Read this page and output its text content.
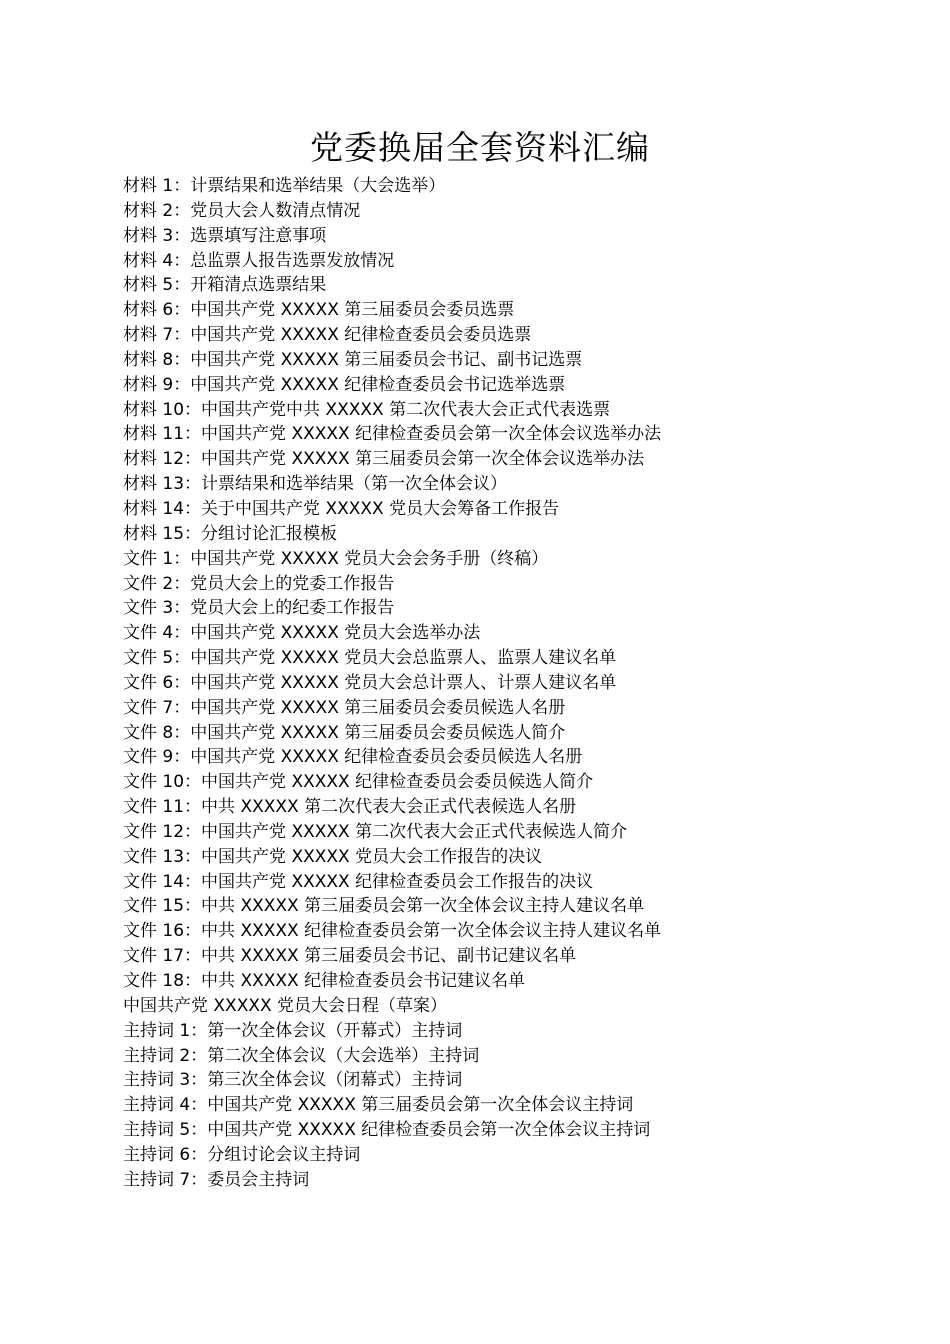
党委换届全套资料汇编
材料 1：计票结果和选举结果（大会选举）
材料 2：党员大会人数清点情况
材料 3：选票填写注意事项
材料 4：总监票人报告选票发放情况
材料 5：开箱清点选票结果
材料 6：中国共产党 XXXXX 第三届委员会委员选票
材料 7：中国共产党 XXXXX 纪律检查委员会委员选票
材料 8：中国共产党 XXXXX 第三届委员会书记、副书记选票
材料 9：中国共产党 XXXXX 纪律检查委员会书记选举选票
材料 10：中国共产党中共 XXXXX 第二次代表大会正式代表选票
材料 11：中国共产党 XXXXX 纪律检查委员会第一次全体会议选举办法
材料 12：中国共产党 XXXXX 第三届委员会第一次全体会议选举办法
材料 13：计票结果和选举结果（第一次全体会议）
材料 14：关于中国共产党 XXXXX 党员大会筹备工作报告
材料 15：分组讨论汇报模板
文件 1：中国共产党 XXXXX 党员大会会务手册（终稿）
文件 2：党员大会上的党委工作报告
文件 3：党员大会上的纪委工作报告
文件 4：中国共产党 XXXXX 党员大会选举办法
文件 5：中国共产党 XXXXX 党员大会总监票人、监票人建议名单
文件 6：中国共产党 XXXXX 党员大会总计票人、计票人建议名单
文件 7：中国共产党 XXXXX 第三届委员会委员候选人名册
文件 8：中国共产党 XXXXX 第三届委员会委员候选人简介
文件 9：中国共产党 XXXXX 纪律检查委员会委员候选人名册
文件 10：中国共产党 XXXXX 纪律检查委员会委员候选人简介
文件 11：中共 XXXXX 第二次代表大会正式代表候选人名册
文件 12：中国共产党 XXXXX 第二次代表大会正式代表候选人简介
文件 13：中国共产党 XXXXX 党员大会工作报告的决议
文件 14：中国共产党 XXXXX 纪律检查委员会工作报告的决议
文件 15：中共 XXXXX 第三届委员会第一次全体会议主持人建议名单
文件 16：中共 XXXXX 纪律检查委员会第一次全体会议主持人建议名单
文件 17：中共 XXXXX 第三届委员会书记、副书记建议名单
文件 18：中共 XXXXX 纪律检查委员会书记建议名单
中国共产党 XXXXX 党员大会日程（草案）
主持词 1：第一次全体会议（开幕式）主持词
主持词 2：第二次全体会议（大会选举）主持词
主持词 3：第三次全体会议（闭幕式）主持词
主持词 4：中国共产党 XXXXX 第三届委员会第一次全体会议主持词
主持词 5：中国共产党 XXXXX 纪律检查委员会第一次全体会议主持词
主持词 6：分组讨论会议主持词
主持词 7：委员会主持词
